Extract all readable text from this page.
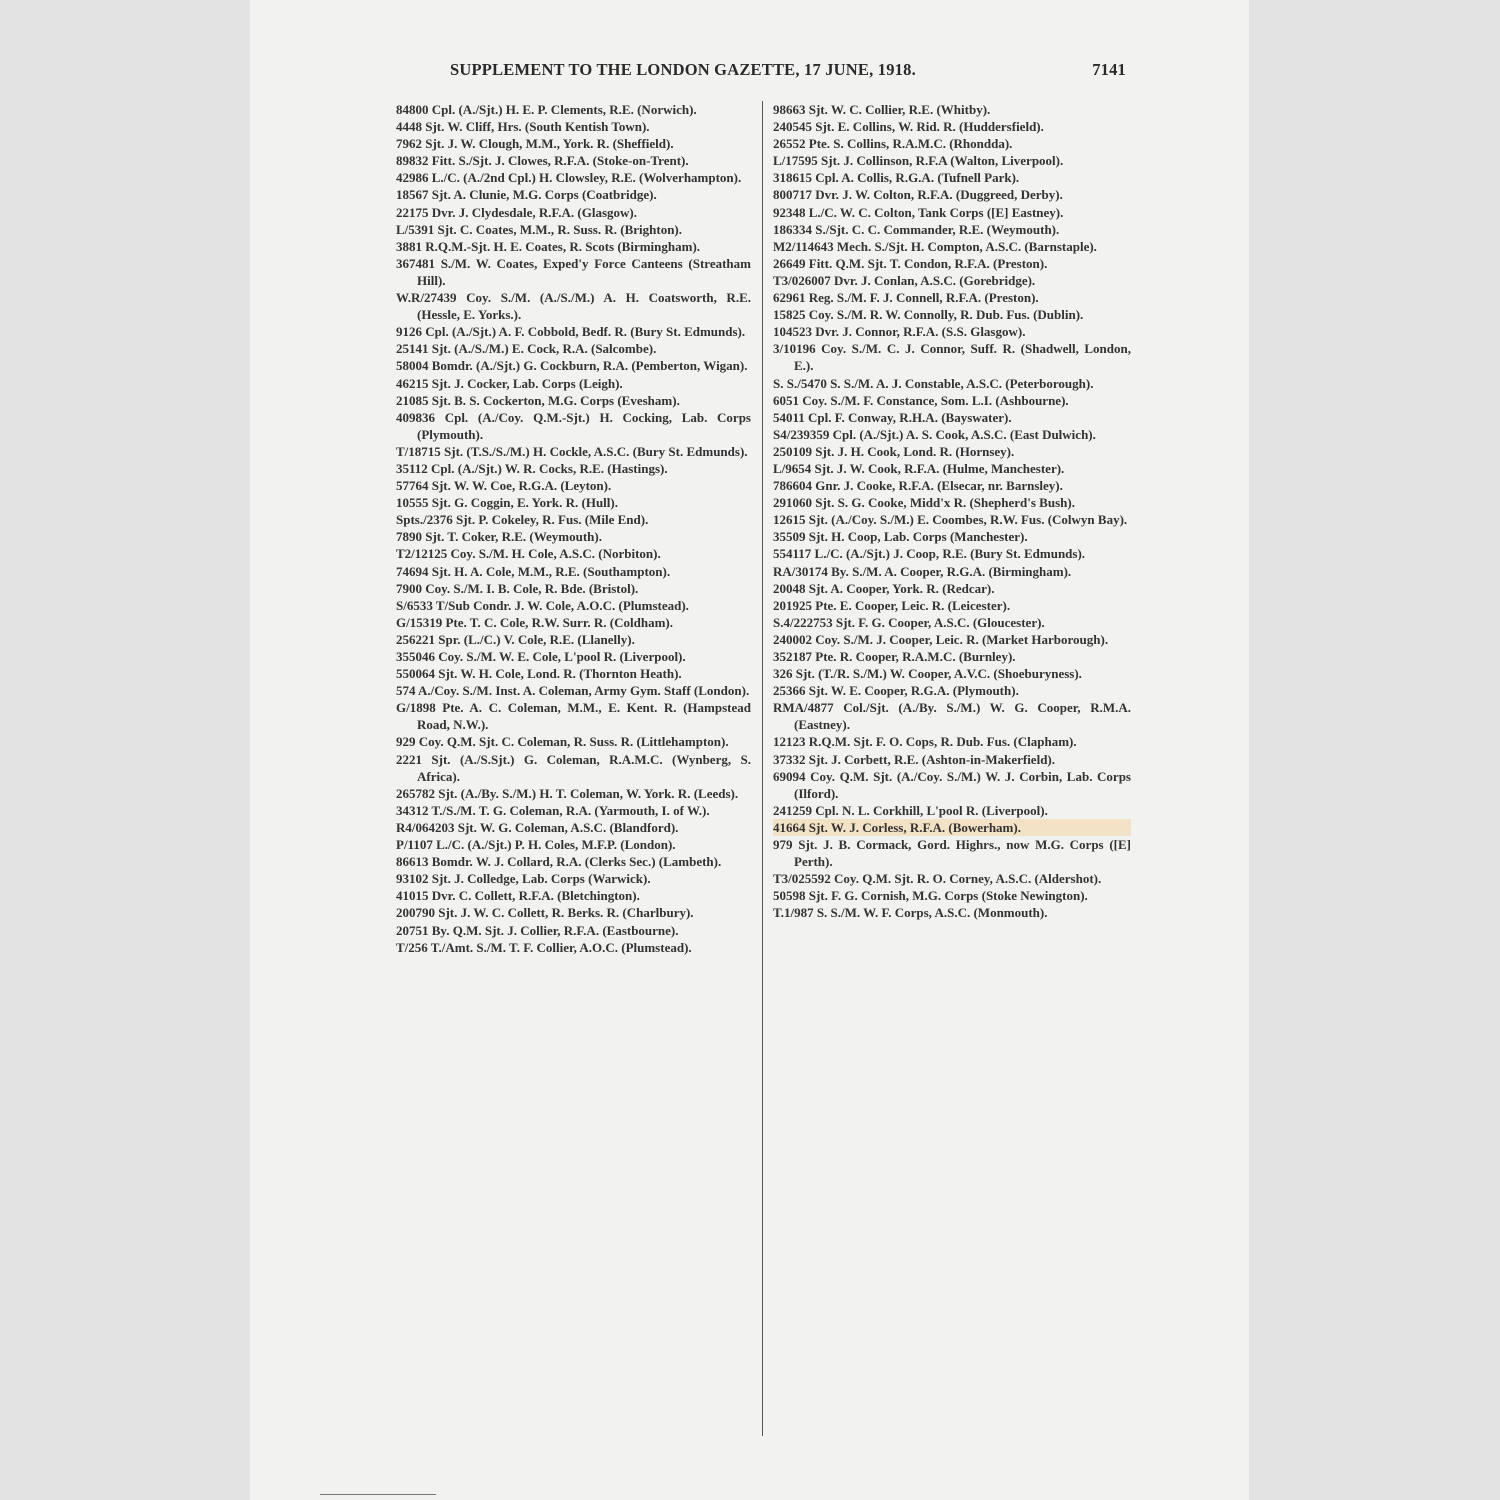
SUPPLEMENT TO THE LONDON GAZETTE, 17 JUNE, 1918.	7141

84800 Cpl. (A./Sjt.) H. E. P. Clements, R.E. (Norwich).

4448 Sjt. W. Cliff, Hrs. (South Kentish Town).

7962 Sjt. J. W. Clough, M.M., York. R. (Sheffield).

89832 Fitt. S./Sjt. J. Clowes, R.F.A. (Stoke-on-Trent).

42986 L./C. (A./2nd Cpl.) H. Clowsley, R.E. (Wolverhampton).

18567 Sjt. A. Clunie, M.G. Corps (Coatbridge).

22175 Dvr. J. Clydesdale, R.F.A. (Glasgow).

L/5391 Sjt. C. Coates, M.M., R. Suss. R. (Brighton).

3881 R.Q.M.-Sjt. H. E. Coates, R. Scots (Birmingham).

367481 S./M. W. Coates, Exped'y Force Canteens (Streatham Hill).

W.R/27439 Coy. S./M. (A./S./M.) A. H. Coatsworth, R.E. (Hessle, E. Yorks.).

9126 Cpl. (A./Sjt.) A. F. Cobbold, Bedf. R. (Bury St. Edmunds).

25141 Sjt. (A./S./M.) E. Cock, R.A. (Salcombe).

58004 Bomdr. (A./Sjt.) G. Cockburn, R.A. (Pemberton, Wigan).

46215 Sjt. J. Cocker, Lab. Corps (Leigh).

21085 Sjt. B. S. Cockerton, M.G. Corps (Evesham).

409836 Cpl. (A./Coy. Q.M.-Sjt.) H. Cocking, Lab. Corps (Plymouth).

T/18715 Sjt. (T.S./S./M.) H. Cockle, A.S.C. (Bury St. Edmunds).

35112 Cpl. (A./Sjt.) W. R. Cocks, R.E. (Hastings).

57764 Sjt. W. W. Coe, R.G.A. (Leyton).

10555 Sjt. G. Coggin, E. York. R. (Hull).

Spts./2376 Sjt. P. Cokeley, R. Fus. (Mile End).

7890 Sjt. T. Coker, R.E. (Weymouth).

T2/12125 Coy. S./M. H. Cole, A.S.C. (Norbiton).

74694 Sjt. H. A. Cole, M.M., R.E. (Southampton).

7900 Coy. S./M. I. B. Cole, R. Bde. (Bristol).

S/6533 T/Sub Condr. J. W. Cole, A.O.C. (Plumstead).

G/15319 Pte. T. C. Cole, R.W. Surr. R. (Coldham).

256221 Spr. (L./C.) V. Cole, R.E. (Llanelly).

355046 Coy. S./M. W. E. Cole, L'pool R. (Liverpool).

550064 Sjt. W. H. Cole, Lond. R. (Thornton Heath).

574 A./Coy. S./M. Inst. A. Coleman, Army Gym. Staff (London).

G/1898 Pte. A. C. Coleman, M.M., E. Kent. R. (Hampstead Road, N.W.).

929 Coy. Q.M. Sjt. C. Coleman, R. Suss. R. (Littlehampton).

2221 Sjt. (A./S.Sjt.) G. Coleman, R.A.M.C. (Wynberg, S. Africa).

265782 Sjt. (A./By. S./M.) H. T. Coleman, W. York. R. (Leeds).

34312 T./S./M. T. G. Coleman, R.A. (Yarmouth, I. of W.).

R4/064203 Sjt. W. G. Coleman, A.S.C. (Blandford).

P/1107 L./C. (A./Sjt.) P. H. Coles, M.F.P. (London).

86613 Bomdr. W. J. Collard, R.A. (Clerks Sec.) (Lambeth).

93102 Sjt. J. Colledge, Lab. Corps (Warwick).

41015 Dvr. C. Collett, R.F.A. (Bletchington).

200790 Sjt. J. W. C. Collett, R. Berks. R. (Charlbury).

20751 By. Q.M. Sjt. J. Collier, R.F.A. (Eastbourne).

T/256 T./Amt. S./M. T. F. Collier, A.O.C. (Plumstead).

98663 Sjt. W. C. Collier, R.E. (Whitby).

240545 Sjt. E. Collins, W. Rid. R. (Huddersfield).

26552 Pte. S. Collins, R.A.M.C. (Rhondda).

L/17595 Sjt. J. Collinson, R.F.A (Walton, Liverpool).

318615 Cpl. A. Collis, R.G.A. (Tufnell Park).

800717 Dvr. J. W. Colton, R.F.A. (Duggreed, Derby).

92348 L./C. W. C. Colton, Tank Corps ([E] Eastney).

186334 S./Sjt. C. C. Commander, R.E. (Weymouth).

M2/114643 Mech. S./Sjt. H. Compton, A.S.C. (Barnstaple).

26649 Fitt. Q.M. Sjt. T. Condon, R.F.A. (Preston).

T3/026007 Dvr. J. Conlan, A.S.C. (Gorebridge).

62961 Reg. S./M. F. J. Connell, R.F.A. (Preston).

15825 Coy. S./M. R. W. Connolly, R. Dub. Fus. (Dublin).

104523 Dvr. J. Connor, R.F.A. (S.S. Glasgow).

3/10196 Coy. S./M. C. J. Connor, Suff. R. (Shadwell, London, E.).

S. S./5470 S. S./M. A. J. Constable, A.S.C. (Peterborough).

6051 Coy. S./M. F. Constance, Som. L.I. (Ashbourne).

54011 Cpl. F. Conway, R.H.A. (Bayswater).

S4/239359 Cpl. (A./Sjt.) A. S. Cook, A.S.C. (East Dulwich).

250109 Sjt. J. H. Cook, Lond. R. (Hornsey).

L/9654 Sjt. J. W. Cook, R.F.A. (Hulme, Manchester).

786604 Gnr. J. Cooke, R.F.A. (Elsecar, nr. Barnsley).

291060 Sjt. S. G. Cooke, Midd'x R. (Shepherd's Bush).

12615 Sjt. (A./Coy. S./M.) E. Coombes, R.W. Fus. (Colwyn Bay).

35509 Sjt. H. Coop, Lab. Corps (Manchester).

554117 L./C. (A./Sjt.) J. Coop, R.E. (Bury St. Edmunds).

RA/30174 By. S./M. A. Cooper, R.G.A. (Birmingham).

20048 Sjt. A. Cooper, York. R. (Redcar).

201925 Pte. E. Cooper, Leic. R. (Leicester).

S.4/222753 Sjt. F. G. Cooper, A.S.C. (Gloucester).

240002 Coy. S./M. J. Cooper, Leic. R. (Market Harborough).

352187 Pte. R. Cooper, R.A.M.C. (Burnley).

326 Sjt. (T./R. S./M.) W. Cooper, A.V.C. (Shoeburyness).

25366 Sjt. W. E. Cooper, R.G.A. (Plymouth).

RMA/4877 Col./Sjt. (A./By. S./M.) W. G. Cooper, R.M.A. (Eastney).

12123 R.Q.M. Sjt. F. O. Cops, R. Dub. Fus. (Clapham).

37332 Sjt. J. Corbett, R.E. (Ashton-in-Makerfield).

69094 Coy. Q.M. Sjt. (A./Coy. S./M.) W. J. Corbin, Lab. Corps (Ilford).

241259 Cpl. N. L. Corkhill, L'pool R. (Liverpool).

41664 Sjt. W. J. Corless, R.F.A. (Bowerham).

979 Sjt. J. B. Cormack, Gord. Highrs., now M.G. Corps ([E] Perth).

T3/025592 Coy. Q.M. Sjt. R. O. Corney, A.S.C. (Aldershot).

50598 Sjt. F. G. Cornish, M.G. Corps (Stoke Newington).

T.1/987 S. S./M. W. F. Corps, A.S.C. (Monmouth).
